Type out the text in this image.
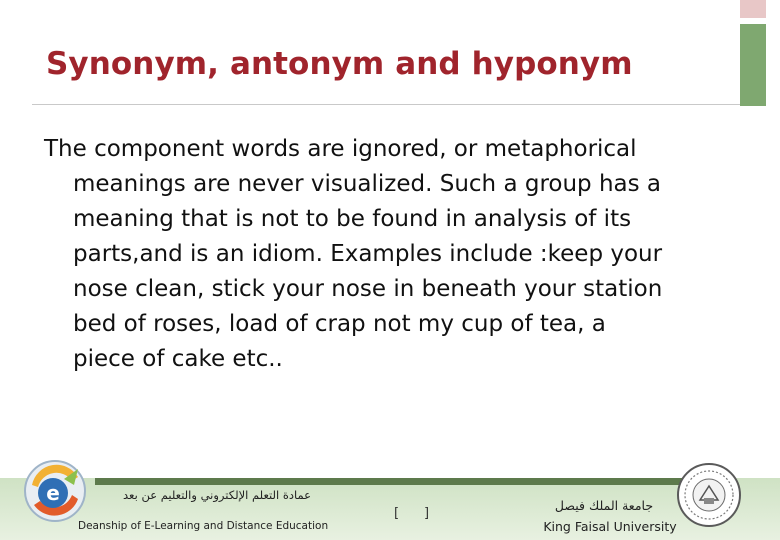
Synonym, antonym and hyponym
The component words are ignored, or metaphorical
meanings are never visualized. Such a group has a
meaning that is not to be found in analysis of its
parts,and is an idiom. Examples include :keep your
nose clean, stick your nose in beneath your station
bed of roses, load of crap not my cup of tea, a
piece of cake etc..
e	عمادة التعلم الإلكتروني والتعليم عن بعد
Deanship of E-Learning and Distance Education
[ ]
جامعة الملك فيصل
King Faisal University
